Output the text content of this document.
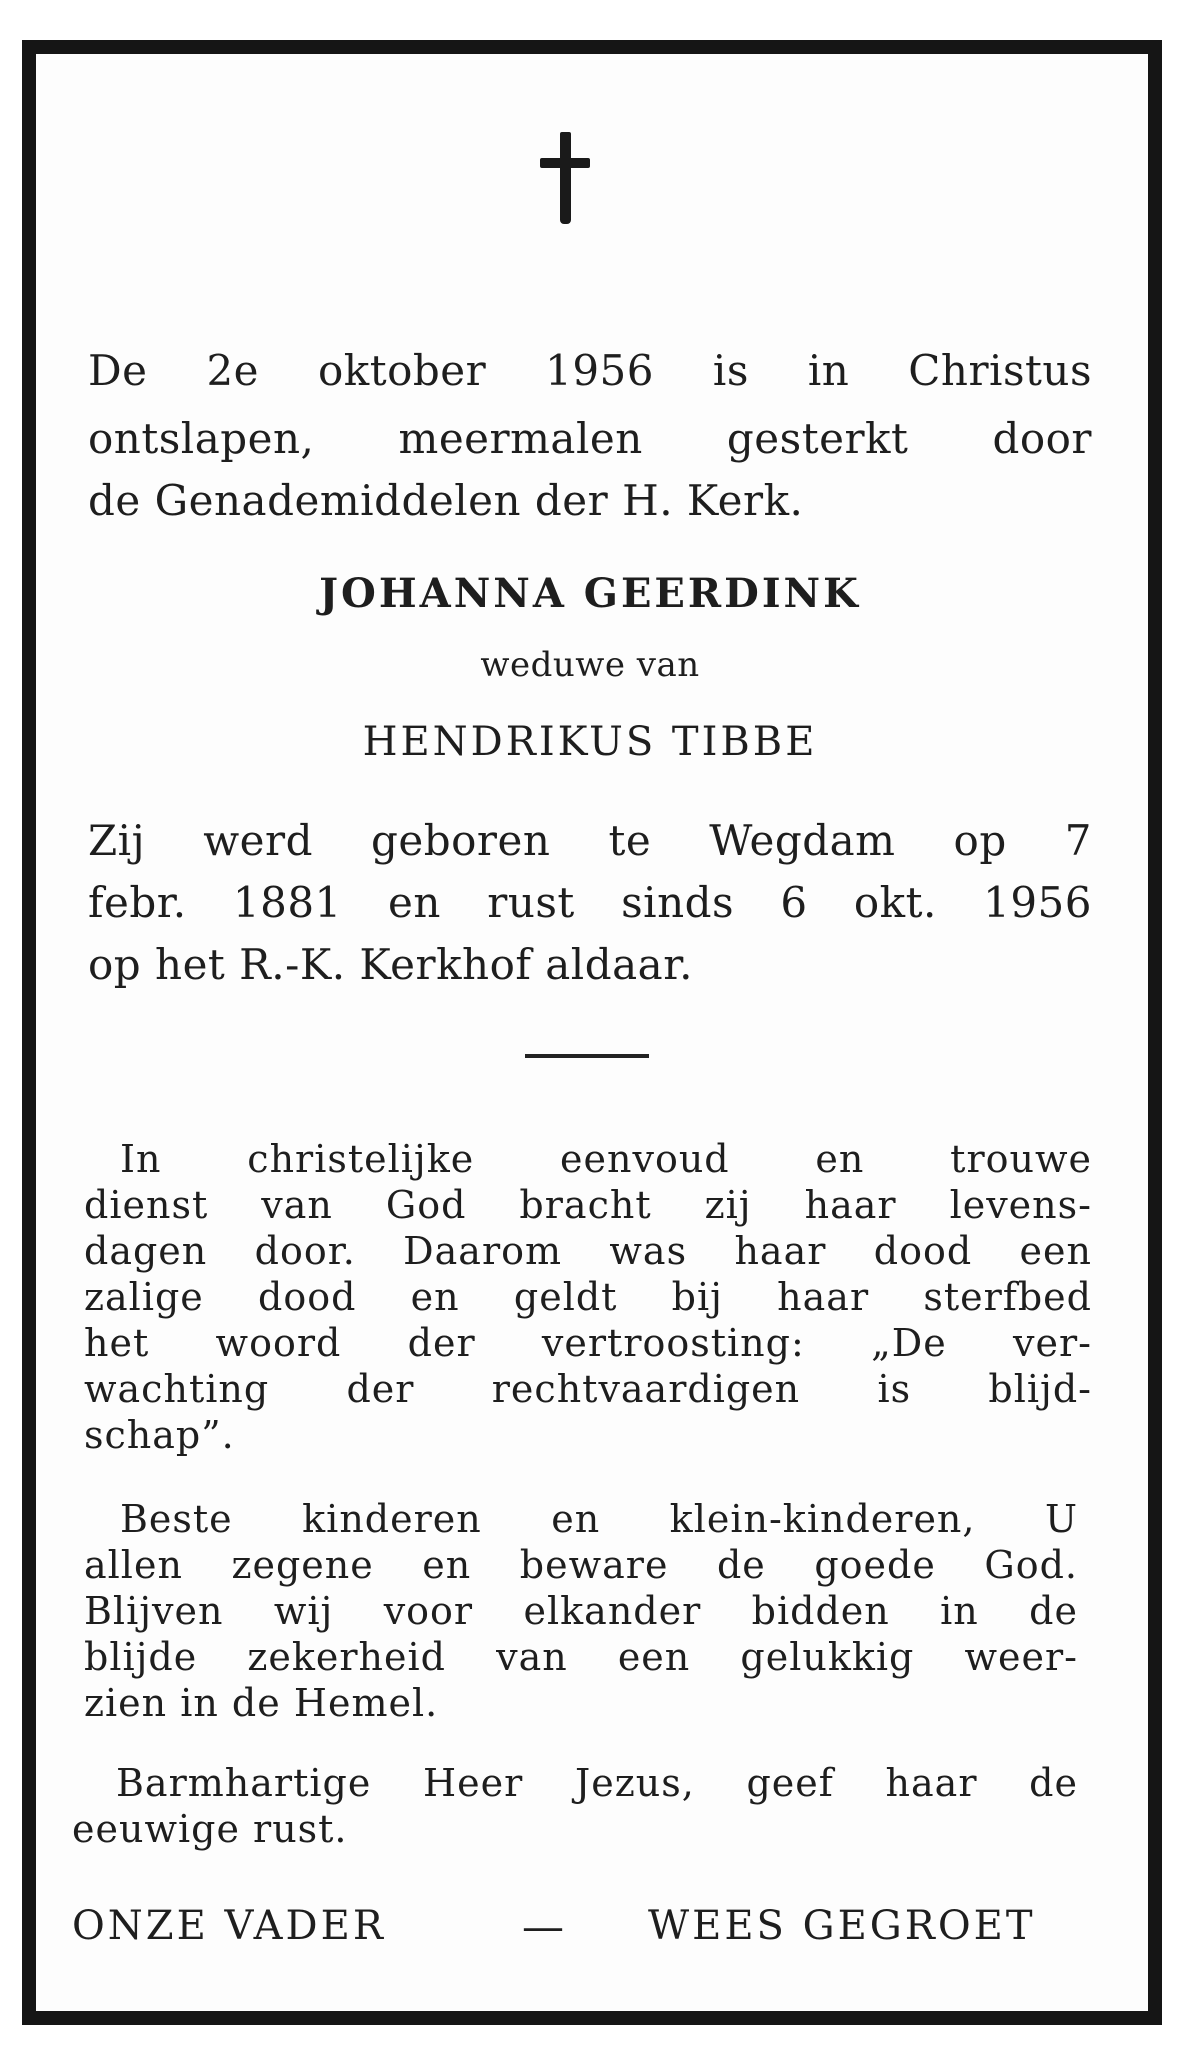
De 2e oktober 1956 is in Christus
ontslapen, meermalen gesterkt door
de Genademiddelen der H. Kerk.
JOHANNA GEERDINK
weduwe van
HENDRIKUS TIBBE
Zij werd geboren te Wegdam op 7
febr. 1881 en rust sinds 6 okt. 1956
op het R.-K. Kerkhof aldaar.
In christelijke eenvoud en trouwe
dienst van God bracht zij haar levens-
dagen door. Daarom was haar dood een
zalige dood en geldt bij haar sterfbed
het woord der vertroosting: „De ver-
wachting der rechtvaardigen is blijd-
schap”.
Beste kinderen en klein-kinderen, U
allen zegene en beware de goede God.
Blijven wij voor elkander bidden in de
blijde zekerheid van een gelukkig weer-
zien in de Hemel.
Barmhartige Heer Jezus, geef haar de
eeuwige rust.
ONZE VADER	— WEES GEGROET
